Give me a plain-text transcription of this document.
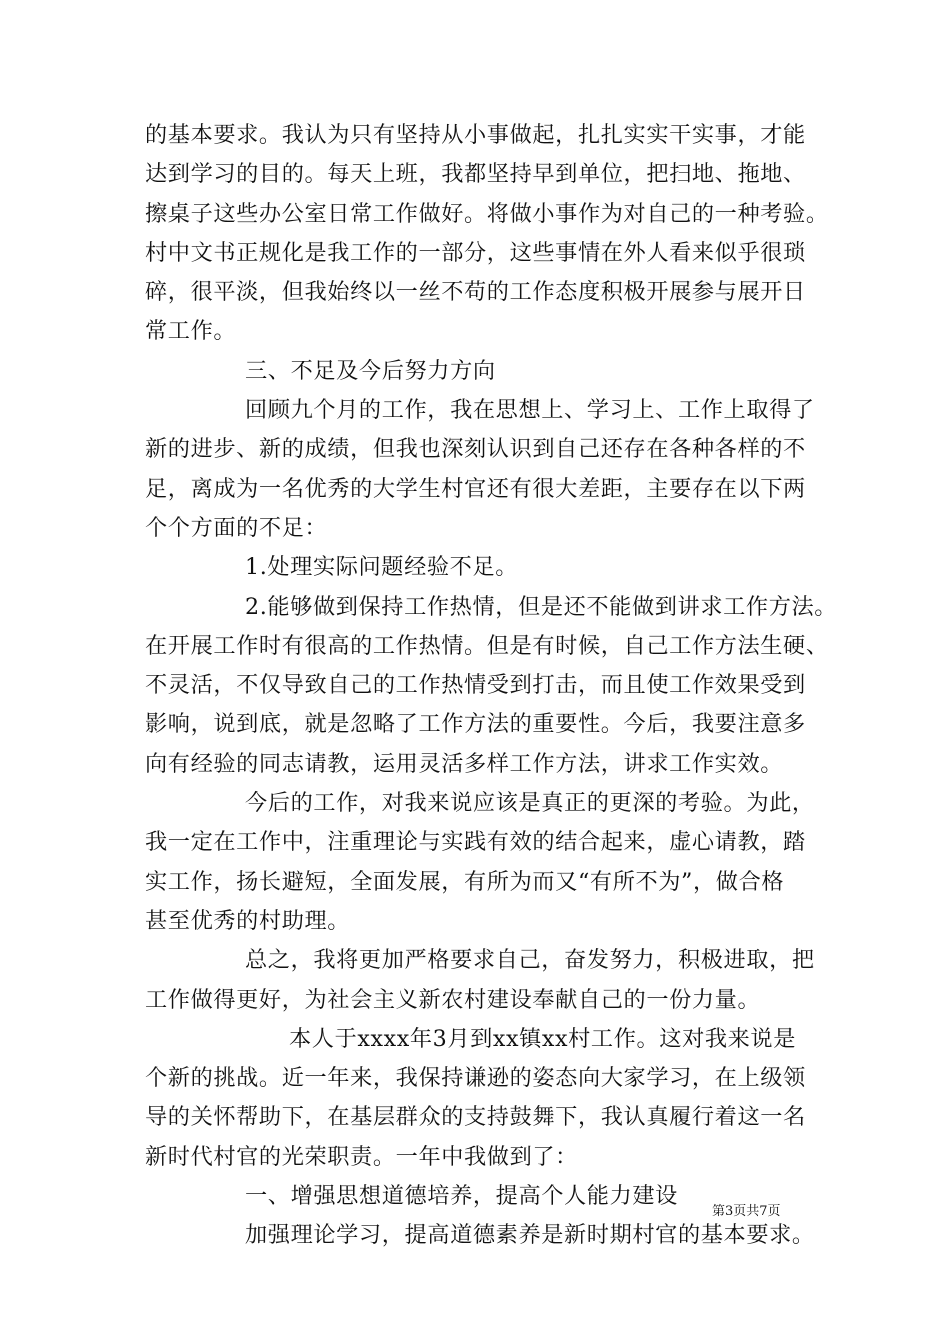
的基本要求。我认为只有坚持从小事做起，扎扎实实干实事，才能
达到学习的目的。每天上班，我都坚持早到单位，把扫地、拖地、
擦桌子这些办公室日常工作做好。将做小事作为对自己的一种考验。
村中文书正规化是我工作的一部分，这些事情在外人看来似乎很琐
碎，很平淡，但我始终以一丝不苟的工作态度积极开展参与展开日
常工作。
三、不足及今后努力方向
回顾九个月的工作，我在思想上、学习上、工作上取得了
新的进步、新的成绩，但我也深刻认识到自己还存在各种各样的不
足，离成为一名优秀的大学生村官还有很大差距，主要存在以下两
个个方面的不足：
1.处理实际问题经验不足。
2.能够做到保持工作热情，但是还不能做到讲求工作方法。
在开展工作时有很高的工作热情。但是有时候，自己工作方法生硬、
不灵活，不仅导致自己的工作热情受到打击，而且使工作效果受到
影响，说到底，就是忽略了工作方法的重要性。今后，我要注意多
向有经验的同志请教，运用灵活多样工作方法，讲求工作实效。
今后的工作，对我来说应该是真正的更深的考验。为此，
我一定在工作中，注重理论与实践有效的结合起来，虚心请教，踏
实工作，扬长避短，全面发展，有所为而又“有所不为”，做合格
甚至优秀的村助理。
总之，我将更加严格要求自己，奋发努力，积极进取，把
工作做得更好，为社会主义新农村建设奉献自己的一份力量。
本人于xxxx年3月到xx镇xx村工作。这对我来说是
个新的挑战。近一年来，我保持谦逊的姿态向大家学习，在上级领
导的关怀帮助下，在基层群众的支持鼓舞下，我认真履行着这一名
新时代村官的光荣职责。一年中我做到了：
一、增强思想道德培养，提高个人能力建设
加强理论学习，提高道德素养是新时期村官的基本要求。
第3页共7页
